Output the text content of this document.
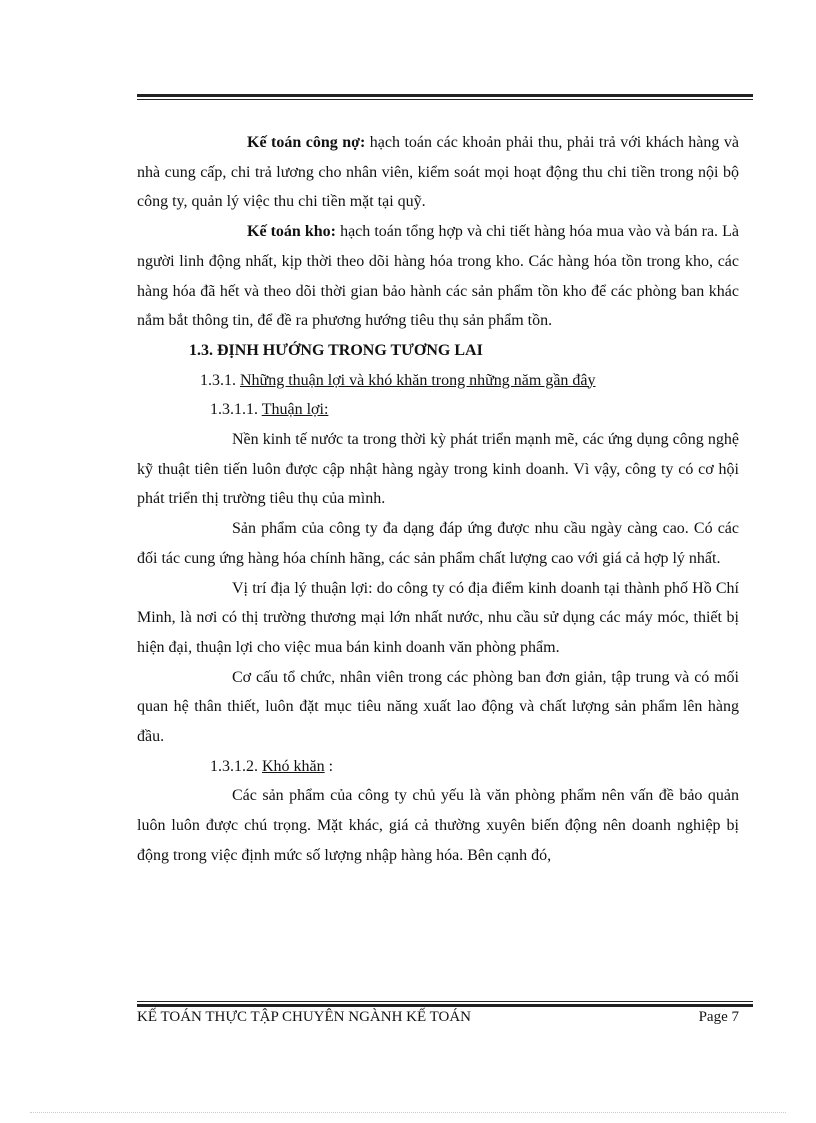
Kế toán công nợ: hạch toán các khoản phải thu, phải trả với khách hàng và nhà cung cấp, chi trả lương cho nhân viên, kiểm soát mọi hoạt động thu chi tiền trong nội bộ công ty, quản lý việc thu chi tiền mặt tại quỹ.

Kế toán kho: hạch toán tổng hợp và chi tiết hàng hóa mua vào và bán ra. Là người linh động nhất, kịp thời theo dõi hàng hóa trong kho. Các hàng hóa tồn trong kho, các hàng hóa đã hết và theo dõi thời gian bảo hành các sản phẩm tồn kho để các phòng ban khác nắm bắt thông tin, để đề ra phương hướng tiêu thụ sản phẩm tồn.

1.3. ĐỊNH HƯỚNG TRONG TƯƠNG LAI

1.3.1. Những thuận lợi và khó khăn trong những năm gần đây

1.3.1.1. Thuận lợi:

Nền kinh tế nước ta trong thời kỳ phát triển mạnh mẽ, các ứng dụng công nghệ kỹ thuật tiên tiến luôn được cập nhật hàng ngày trong kinh doanh. Vì vậy, công ty có cơ hội phát triển thị trường tiêu thụ của mình.

Sản phẩm của công ty đa dạng đáp ứng được nhu cầu ngày càng cao. Có các đối tác cung ứng hàng hóa chính hãng, các sản phẩm chất lượng cao với giá cả hợp lý nhất.

Vị trí địa lý thuận lợi: do công ty có địa điểm kinh doanh tại thành phố Hồ Chí Minh, là nơi có thị trường thương mại lớn nhất nước, nhu cầu sử dụng các máy móc, thiết bị hiện đại, thuận lợi cho việc mua bán kinh doanh văn phòng phẩm.

Cơ cấu tổ chức, nhân viên trong các phòng ban đơn giản, tập trung và có mối quan hệ thân thiết, luôn đặt mục tiêu năng xuất lao động và chất lượng sản phẩm lên hàng đầu.

1.3.1.2. Khó khăn :

Các sản phẩm của công ty chủ yếu là văn phòng phẩm nên vấn đề bảo quản luôn luôn được chú trọng. Mặt khác, giá cả thường xuyên biến động nên doanh nghiệp bị động trong việc định mức số lượng nhập hàng hóa. Bên cạnh đó,

KẾ TOÁN THỰC TẬP CHUYÊN NGÀNH KẾ TOÁN	Page 7
